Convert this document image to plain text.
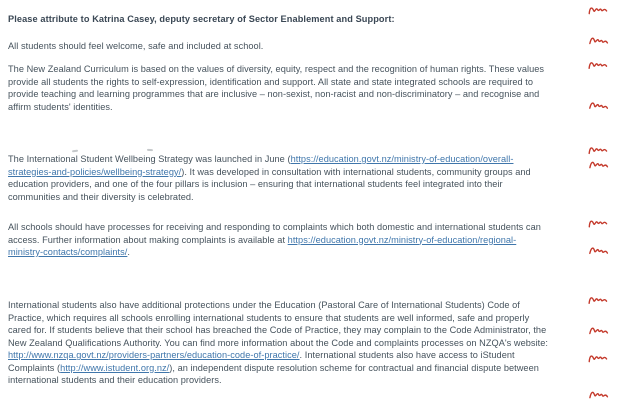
Please attribute to Katrina Casey, deputy secretary of Sector Enablement and Support:
All students should feel welcome, safe and included at school.
The New Zealand Curriculum is based on the values of diversity, equity, respect and the recognition of human rights. These values
provide all students the rights to self-expression, identification and support. All state and state integrated schools are required to
provide teaching and learning programmes that are inclusive – non-sexist, non-racist and non-discriminatory – and recognise and
affirm students' identities.
The International Student Wellbeing Strategy was launched in June (https://education.govt.nz/ministry-of-education/overall-
strategies-and-policies/wellbeing-strategy/). It was developed in consultation with international students, community groups and
education providers, and one of the four pillars is inclusion – ensuring that international students feel integrated into their
communities and their diversity is celebrated.
All schools should have processes for receiving and responding to complaints which both domestic and international students can
access. Further information about making complaints is available at https://education.govt.nz/ministry-of-education/regional-
ministry-contacts/complaints/.
International students also have additional protections under the Education (Pastoral Care of International Students) Code of
Practice, which requires all schools enrolling international students to ensure that students are well informed, safe and properly
cared for. If students believe that their school has breached the Code of Practice, they may complain to the Code Administrator, the
New Zealand Qualifications Authority. You can find more information about the Code and complaints processes on NZQA's website:
http://www.nzqa.govt.nz/providers-partners/education-code-of-practice/. International students also have access to iStudent
Complaints (http://www.istudent.org.nz/), an independent dispute resolution scheme for contractual and financial dispute between
international students and their education providers.
